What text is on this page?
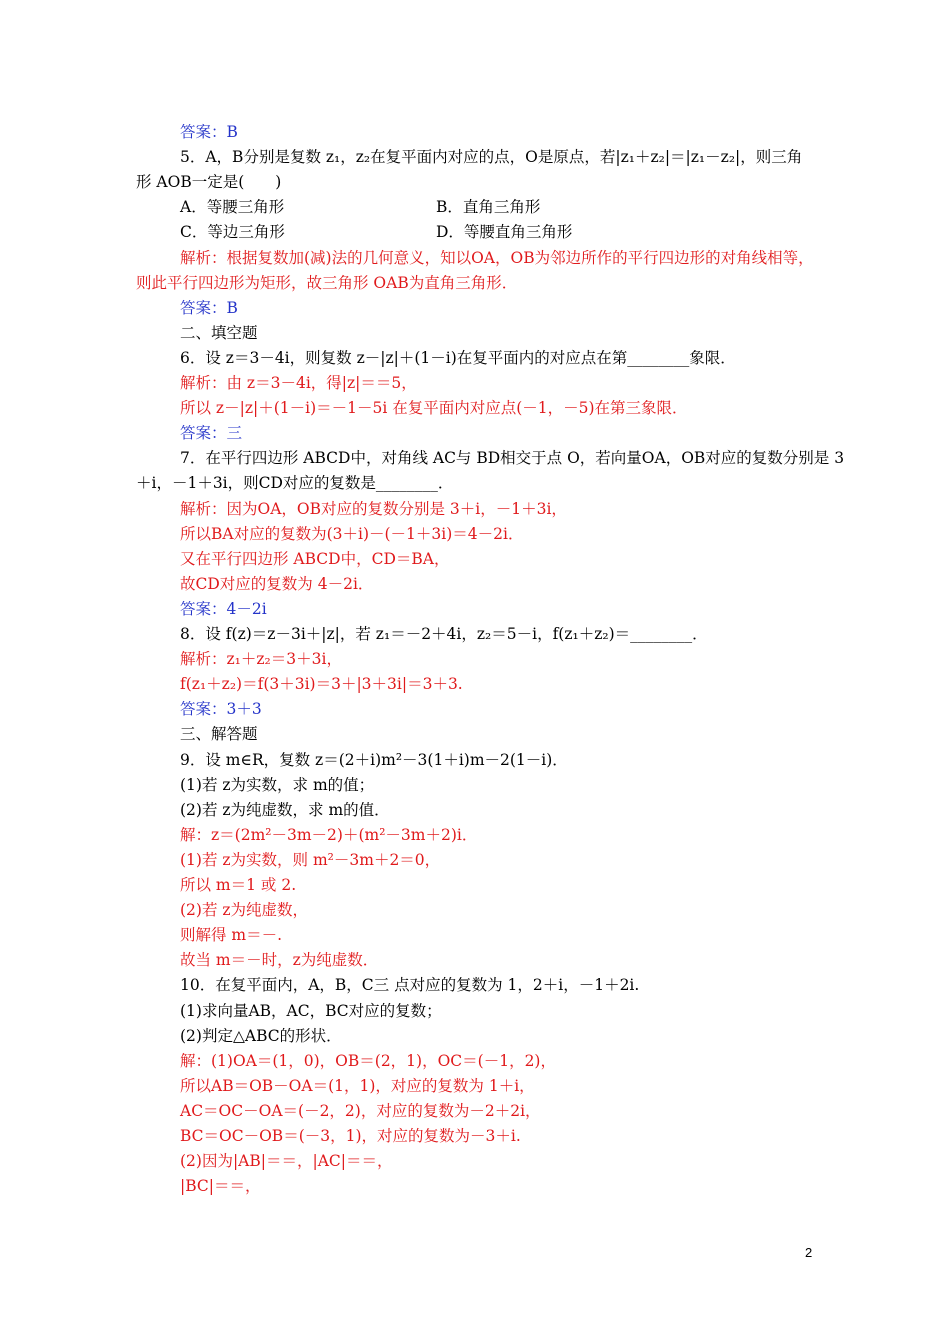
答案：B
5．A，B分别是复数 z₁，z₂在复平面内对应的点，O是原点，若|z₁＋z₂|＝|z₁－z₂|，则三角
形 AOB一定是(　　)
A．等腰三角形	B．直角三角形
C．等边三角形	D．等腰直角三角形
解析：根据复数加(减)法的几何意义，知以OA，OB为邻边所作的平行四边形的对角线相等，
则此平行四边形为矩形，故三角形 OAB为直角三角形．
答案：B
二、填空题
6．设 z＝3－4i，则复数 z－|z|＋(1－i)在复平面内的对应点在第________象限．
解析：由 z＝3－4i，得|z|＝＝5，
所以 z－|z|＋(1－i)＝－1－5i 在复平面内对应点(－1，－5)在第三象限．
答案：三
7．在平行四边形 ABCD中，对角线 AC与 BD相交于点 O，若向量OA，OB对应的复数分别是 3
＋i，－1＋3i，则CD对应的复数是________．
解析：因为OA，OB对应的复数分别是 3＋i，－1＋3i，
所以BA对应的复数为(3＋i)－(－1＋3i)＝4－2i．
又在平行四边形 ABCD中，CD＝BA，
故CD对应的复数为 4－2i．
答案：4－2i
8．设 f(z)＝z－3i＋|z|，若 z₁＝－2＋4i，z₂＝5－i，f(z₁＋z₂)＝________．
解析：z₁＋z₂＝3＋3i，
f(z₁＋z₂)＝f(3＋3i)＝3＋|3＋3i|＝3＋3.
答案：3＋3
三、解答题
9．设 m∈R，复数 z＝(2＋i)m²－3(1＋i)m－2(1－i)．
(1)若 z为实数，求 m的值；
(2)若 z为纯虚数，求 m的值．
解：z＝(2m²－3m－2)＋(m²－3m＋2)i．
(1)若 z为实数，则 m²－3m＋2＝0，
所以 m＝1 或 2.
(2)若 z为纯虚数，
则解得 m＝－.
故当 m＝－时，z为纯虚数．
10．在复平面内，A，B，C三 点对应的复数为 1，2＋i，－1＋2i.
(1)求向量AB，AC，BC对应的复数；
(2)判定△ABC的形状．
解：(1)OA＝(1，0)，OB＝(2，1)，OC＝(－1，2)，
所以AB＝OB－OA＝(1，1)，对应的复数为 1＋i，
AC＝OC－OA＝(－2，2)，对应的复数为－2＋2i，
BC＝OC－OB＝(－3，1)，对应的复数为－3＋i.
(2)因为|AB|＝＝，|AC|＝＝，
|BC|＝＝，
2
